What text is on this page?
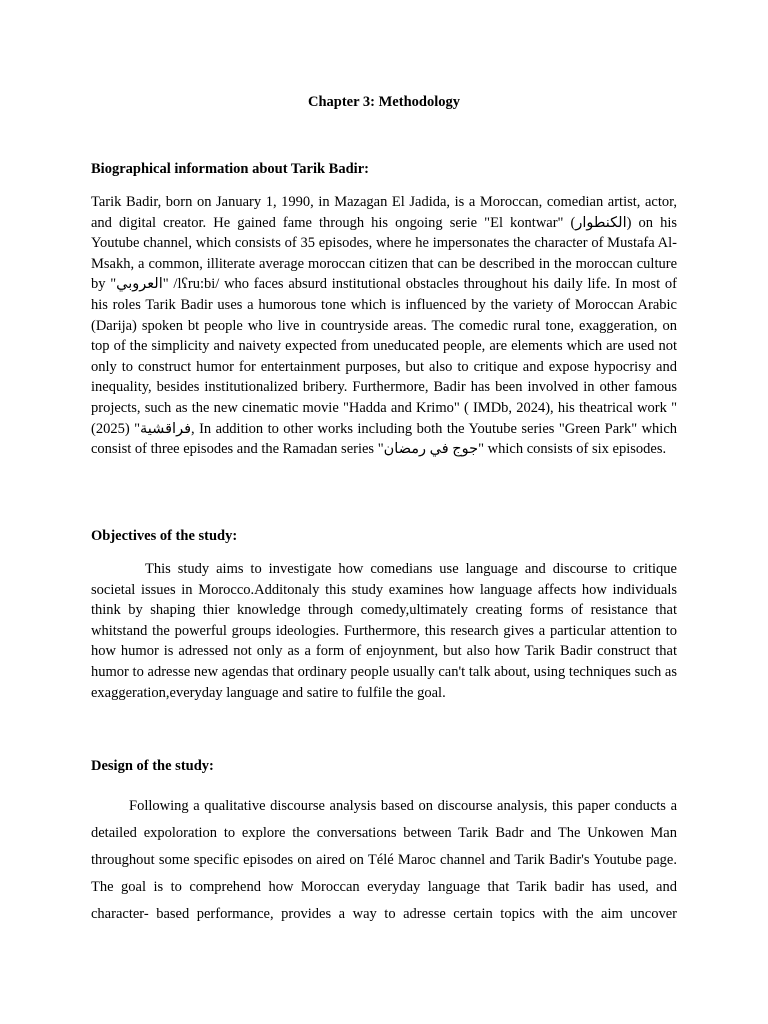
Chapter 3: Methodology
Biographical information about Tarik Badir:

Tarik Badir, born on January 1, 1990, in Mazagan El Jadida, is a Moroccan, comedian artist, actor, and digital creator. He gained fame through his ongoing serie "El kontwar" (الكنطوار) on his Youtube channel, which consists of 35 episodes, where he impersonates the character of Mustafa Al-Msakh, a common, illiterate average moroccan citizen that can be described in the moroccan culture by "العروبي" /lʕru:bi/ who faces absurd institutional obstacles throughout his daily life. In most of his roles Tarik Badir uses a humorous tone which is influenced by the variety of Moroccan Arabic (Darija) spoken bt people who live in countryside areas. The comedic rural tone, exaggeration, on top of the simplicity and naivety expected from uneducated people, are elements which are used not only to construct humor for entertainment purposes, but also to critique and expose hypocrisy and inequality, besides institutionalized bribery. Furthermore, Badir has been involved in other famous projects, such as the new cinematic movie "Hadda and Krimo" ( IMDb, 2024), his theatrical work "(2025) "فراقشية, In addition to other works including both the Youtube series "Green Park" which consist of three episodes and the Ramadan series "جوج في رمضان" which consists of six episodes.

Objectives of the study:

This study aims to investigate how comedians use language and discourse to critique societal issues in Morocco.Additonaly this study examines how language affects how individuals think by shaping thier knowledge through comedy,ultimately creating forms of resistance that whitstand the powerful groups ideologies. Furthermore, this research gives a particular attention to how humor is adressed not only as a form of enjoynment, but also how Tarik Badir construct that humor to adresse new agendas that ordinary people usually can't talk about, using techniques such as exaggeration,everyday language and satire to fulfile the goal.

Design of the study:

Following a qualitative discourse analysis based on discourse analysis, this paper conducts a detailed expoloration to explore the conversations between Tarik Badr and The Unkowen Man throughout some specific episodes on aired on Télé Maroc channel and Tarik Badir's Youtube page. The goal is to comprehend how Moroccan everyday language that Tarik badir has used, and character- based performance, provides a way to adresse certain topics with the aim uncover
